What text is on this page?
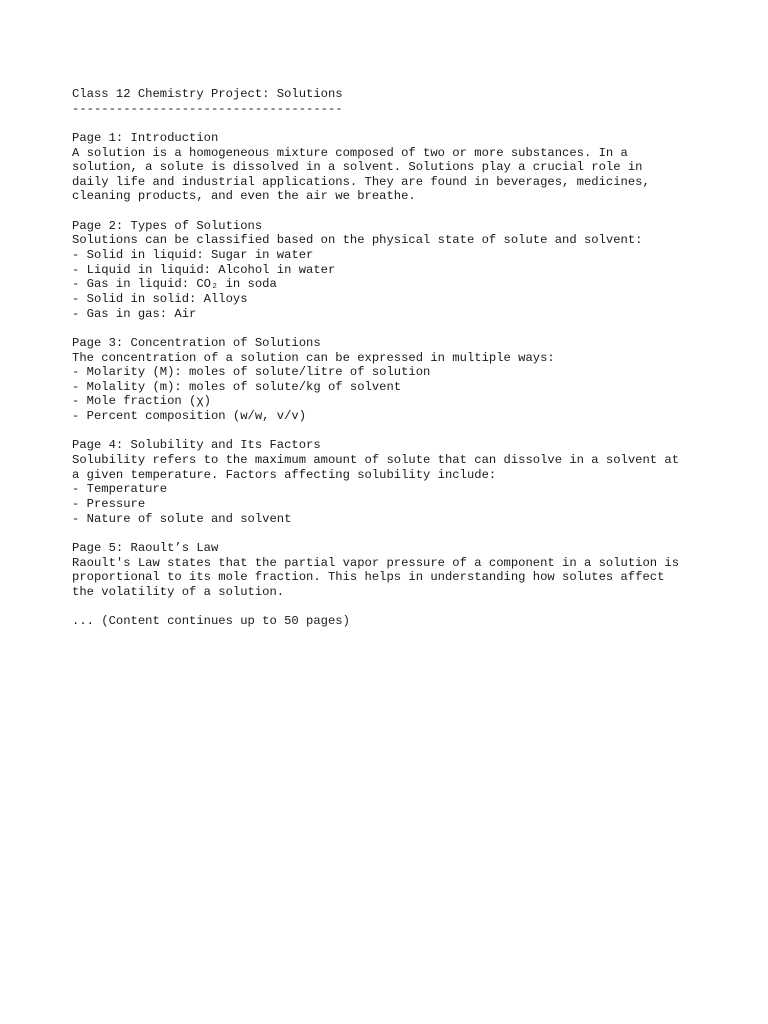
Class 12 Chemistry Project: Solutions
-------------------------------------
Page 1: Introduction
A solution is a homogeneous mixture composed of two or more substances. In a
solution, a solute is dissolved in a solvent. Solutions play a crucial role in
daily life and industrial applications. They are found in beverages, medicines,
cleaning products, and even the air we breathe.
Page 2: Types of Solutions
Solutions can be classified based on the physical state of solute and solvent:
- Solid in liquid: Sugar in water
- Liquid in liquid: Alcohol in water
- Gas in liquid: CO₂ in soda
- Solid in solid: Alloys
- Gas in gas: Air
Page 3: Concentration of Solutions
The concentration of a solution can be expressed in multiple ways:
- Molarity (M): moles of solute/litre of solution
- Molality (m): moles of solute/kg of solvent
- Mole fraction (χ)
- Percent composition (w/w, v/v)
Page 4: Solubility and Its Factors
Solubility refers to the maximum amount of solute that can dissolve in a solvent at
a given temperature. Factors affecting solubility include:
- Temperature
- Pressure
- Nature of solute and solvent
Page 5: Raoult’s Law
Raoult's Law states that the partial vapor pressure of a component in a solution is
proportional to its mole fraction. This helps in understanding how solutes affect
the volatility of a solution.
... (Content continues up to 50 pages)
